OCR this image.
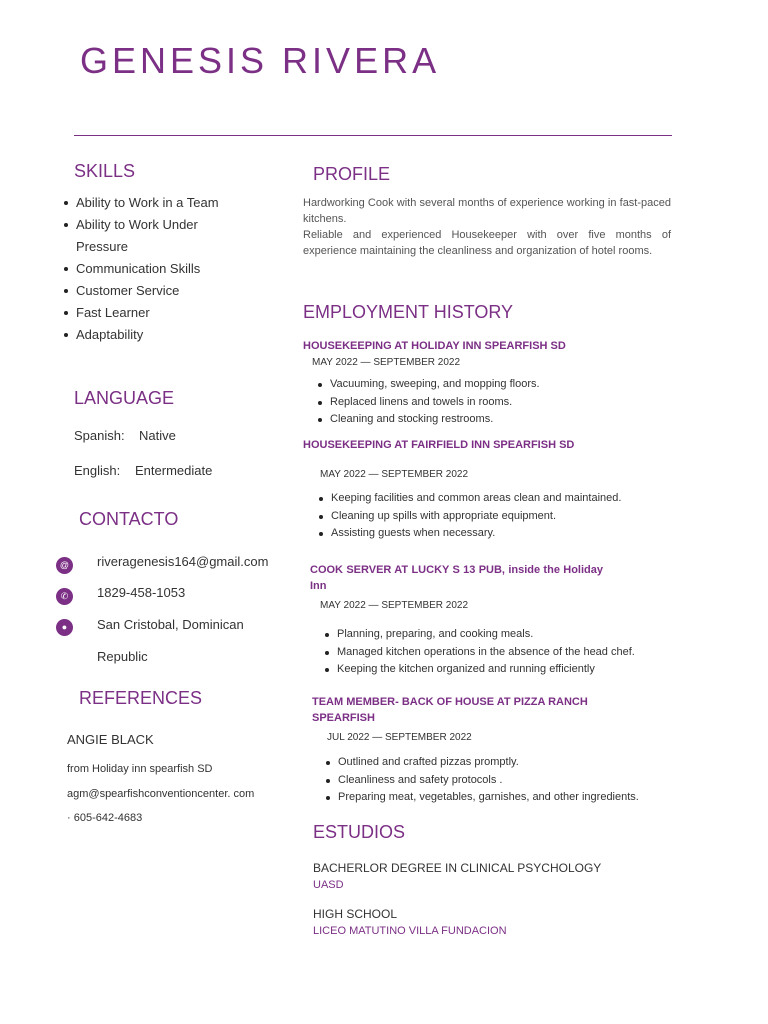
GENESIS RIVERA
SKILLS
Ability to Work in a Team
Ability to Work Under
Pressure
Communication Skills
Customer Service
Fast Learner
Adaptability
LANGUAGE
Spanish: Native
English: Entermediate
CONTACTO
@	riveragenesis164@gmail.com
✆	1829-458-1053
●	San Cristobal, Dominican
Republic
REFERENCES
ANGIE BLACK
from Holiday inn spearfish SD
agm@spearfishconventioncenter. com
· 605-642-4683
PROFILE
Hardworking Cook with several months of experience working in fast-paced kitchens.
Reliable and experienced Housekeeper with over five months of experience maintaining the cleanliness and organization of hotel rooms.
EMPLOYMENT HISTORY
HOUSEKEEPING AT HOLIDAY INN SPEARFISH SD
MAY 2022 — SEPTEMBER 2022
Vacuuming, sweeping, and mopping floors.
Replaced linens and towels in rooms.
Cleaning and stocking restrooms.
HOUSEKEEPING AT FAIRFIELD INN SPEARFISH SD
MAY 2022 — SEPTEMBER 2022
Keeping facilities and common areas clean and maintained.
Cleaning up spills with appropriate equipment.
Assisting guests when necessary.
COOK SERVER AT LUCKY S 13 PUB, inside the Holiday Inn
MAY 2022 — SEPTEMBER 2022
Planning, preparing, and cooking meals.
Managed kitchen operations in the absence of the head chef.
Keeping the kitchen organized and running efficiently
TEAM MEMBER- BACK OF HOUSE AT PIZZA RANCH SPEARFISH
JUL 2022 — SEPTEMBER 2022
Outlined and crafted pizzas promptly.
Cleanliness and safety protocols .
Preparing meat, vegetables, garnishes, and other ingredients.
ESTUDIOS
BACHERLOR DEGREE IN CLINICAL PSYCHOLOGY
UASD
HIGH SCHOOL
LICEO MATUTINO VILLA FUNDACION
